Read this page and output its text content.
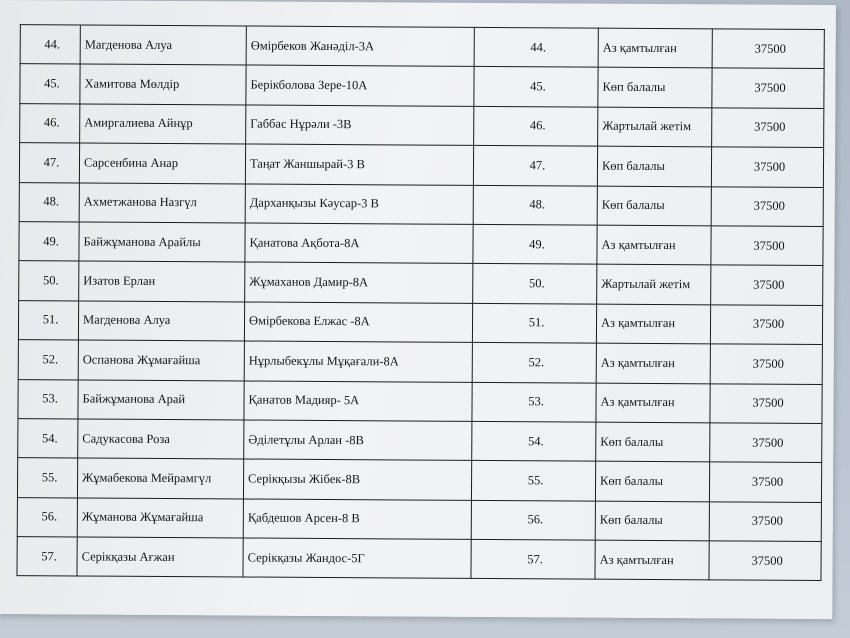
44.	Магденова Алуа	Өмірбеков Жанәділ-3А	44.	Аз қамтылған	37500
45.	Хамитова Мөлдір	Берікболова Зере-10А	45.	Көп балалы	37500
46.	Амиргалиева Айнұр	Габбас Нұрәли -3В	46.	Жартылай жетім	37500
47.	Сарсенбина Анар	Таңат Жаншырай-3 В	47.	Көп балалы	37500
48.	Ахметжанова Назгүл	Дарханқызы Кәусар-3 В	48.	Көп балалы	37500
49.	Байжұманова Арайлы	Қанатова Ақбота-8А	49.	Аз қамтылған	37500
50.	Изатов Ерлан	Жұмаханов Дамир-8А	50.	Жартылай жетім	37500
51.	Магденова Алуа	Өмірбекова Елжас -8А	51.	Аз қамтылған	37500
52.	Оспанова Жұмағайша	Нұрлыбекұлы Мұқағали-8А	52.	Аз қамтылған	37500
53.	Байжұманова Арай	Қанатов Мадияр- 5А	53.	Аз қамтылған	37500
54.	Садукасова Роза	Әділетұлы Арлан -8В	54.	Көп балалы	37500
55.	Жұмабекова Мейрамгүл	Серікқызы Жібек-8В	55.	Көп балалы	37500
56.	Жұманова Жұмағайша	Қабдешов Арсен-8 В	56.	Көп балалы	37500
57.	Серікқазы Ағжан	Серікқазы Жандос-5Г	57.	Аз қамтылған	37500
